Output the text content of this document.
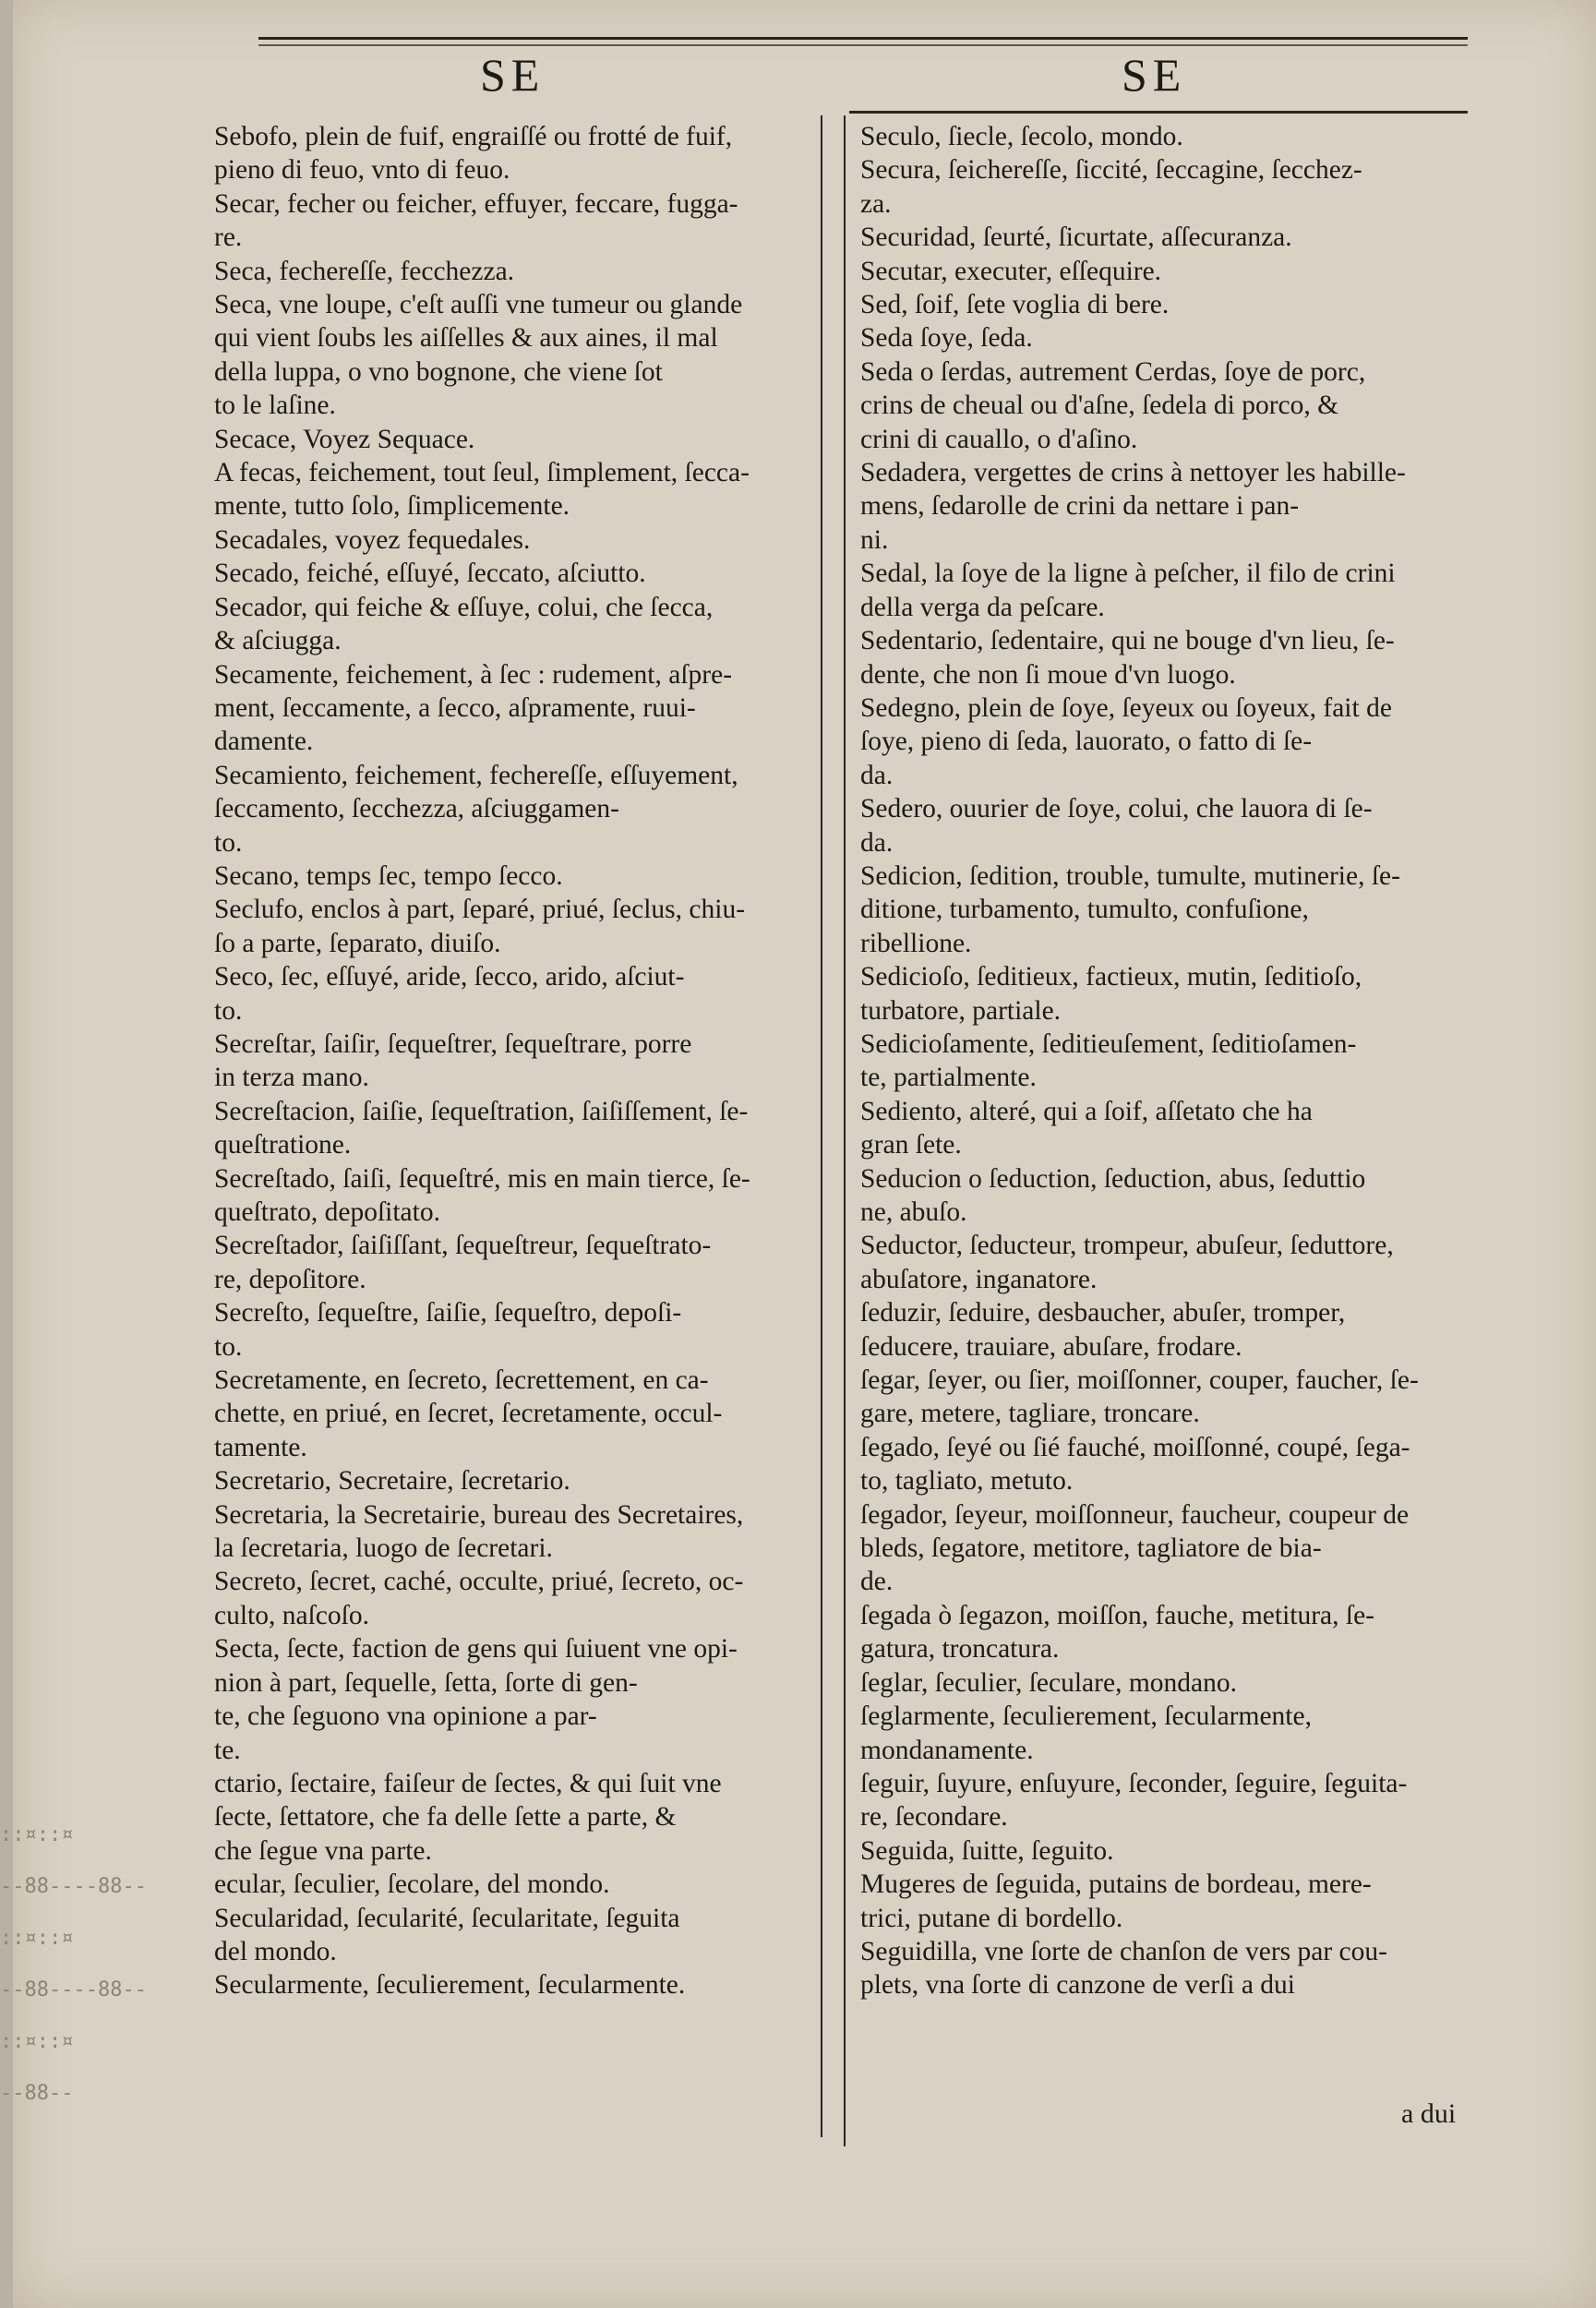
SE	SE
Sebofo, plein de fuif, engraiſſé ou frotté de fuif,
pieno di feuo, vnto di feuo.
Secar, fecher ou feicher, effuyer, feccare, fugga-
re.
Seca, fechereſſe, fecchezza.
Seca, vne loupe, c'eſt auſſi vne tumeur ou glande
qui vient ſoubs les aiſſelles & aux aines, il mal
della luppa, o vno bognone, che viene ſot
to le laſine.
Secace, Voyez Sequace.
A fecas, feichement, tout ſeul, ſimplement, ſecca-
mente, tutto ſolo, ſimplicemente.
Secadales, voyez fequedales.
Secado, feiché, eſſuyé, ſeccato, aſciutto.
Secador, qui feiche & eſſuye, colui, che ſecca,
& aſciugga.
Secamente, feichement, à ſec : rudement, aſpre-
ment, ſeccamente, a ſecco, aſpramente, ruui-
damente.
Secamiento, feichement, fechereſſe, eſſuyement,
ſeccamento, ſecchezza, aſciuggamen-
to.
Secano, temps ſec, tempo ſecco.
Seclufo, enclos à part, ſeparé, priué, ſeclus, chiu-
ſo a parte, ſeparato, diuiſo.
Seco, ſec, eſſuyé, aride, ſecco, arido, aſciut-
to.
Secreſtar, ſaiſir, ſequeſtrer, ſequeſtrare, porre
in terza mano.
Secreſtacion, ſaiſie, ſequeſtration, ſaiſiſſement, ſe-
queſtratione.
Secreſtado, ſaiſi, ſequeſtré, mis en main tierce, ſe-
queſtrato, depoſitato.
Secreſtador, ſaiſiſſant, ſequeſtreur, ſequeſtrato-
re, depoſitore.
Secreſto, ſequeſtre, ſaiſie, ſequeſtro, depoſi-
to.
Secretamente, en ſecreto, ſecrettement, en ca-
chette, en priué, en ſecret, ſecretamente, occul-
tamente.
Secretario, Secretaire, ſecretario.
Secretaria, la Secretairie, bureau des Secretaires,
la ſecretaria, luogo de ſecretari.
Secreto, ſecret, caché, occulte, priué, ſecreto, oc-
culto, naſcoſo.
Secta, ſecte, faction de gens qui ſuiuent vne opi-
nion à part, ſequelle, ſetta, ſorte di gen-
te, che ſeguono vna opinione a par-
te.
ctario, ſectaire, faiſeur de ſectes, & qui ſuit vne
ſecte, ſettatore, che fa delle ſette a parte, &
che ſegue vna parte.
ecular, ſeculier, ſecolare, del mondo.
Secularidad, ſecularité, ſecularitate, ſeguita
del mondo.
Secularmente, ſeculierement, ſecularmente.
Seculo, ſiecle, ſecolo, mondo.
Secura, ſeichereſſe, ſiccité, ſeccagine, ſecchez-
za.
Securidad, ſeurté, ſicurtate, aſſecuranza.
Secutar, executer, eſſequire.
Sed, ſoif, ſete voglia di bere.
Seda ſoye, ſeda.
Seda o ſerdas, autrement Cerdas, ſoye de porc,
crins de cheual ou d'aſne, ſedela di porco, &
crini di cauallo, o d'aſino.
Sedadera, vergettes de crins à nettoyer les habille-
mens, ſedarolle de crini da nettare i pan-
ni.
Sedal, la ſoye de la ligne à peſcher, il filo de crini
della verga da peſcare.
Sedentario, ſedentaire, qui ne bouge d'vn lieu, ſe-
dente, che non ſi moue d'vn luogo.
Sedegno, plein de ſoye, ſeyeux ou ſoyeux, fait de
ſoye, pieno di ſeda, lauorato, o fatto di ſe-
da.
Sedero, ouurier de ſoye, colui, che lauora di ſe-
da.
Sedicion, ſedition, trouble, tumulte, mutinerie, ſe-
ditione, turbamento, tumulto, confuſione,
ribellione.
Sedicioſo, ſeditieux, factieux, mutin, ſeditioſo,
turbatore, partiale.
Sedicioſamente, ſeditieuſement, ſeditioſamen-
te, partialmente.
Sediento, alteré, qui a ſoif, aſſetato che ha
gran ſete.
Seducion o ſeduction, ſeduction, abus, ſeduttio
ne, abuſo.
Seductor, ſeducteur, trompeur, abuſeur, ſeduttore,
abuſatore, inganatore.
ſeduzir, ſeduire, desbaucher, abuſer, tromper,
ſeducere, trauiare, abuſare, frodare.
ſegar, ſeyer, ou ſier, moiſſonner, couper, faucher, ſe-
gare, metere, tagliare, troncare.
ſegado, ſeyé ou ſié fauché, moiſſonné, coupé, ſega-
to, tagliato, metuto.
ſegador, ſeyeur, moiſſonneur, faucheur, coupeur de
bleds, ſegatore, metitore, tagliatore de bia-
de.
ſegada ò ſegazon, moiſſon, fauche, metitura, ſe-
gatura, troncatura.
ſeglar, ſeculier, ſeculare, mondano.
ſeglarmente, ſeculierement, ſecularmente,
mondanamente.
ſeguir, ſuyure, enſuyure, ſeconder, ſeguire, ſeguita-
re, ſecondare.
Seguida, ſuitte, ſeguito.
Mugeres de ſeguida, putains de bordeau, mere-
trici, putane di bordello.
Seguidilla, vne ſorte de chanſon de vers par cou-
plets, vna ſorte di canzone de verſi a dui
a dui
::¤::¤
--88----88--
::¤::¤
--88----88--
::¤::¤
--88--
